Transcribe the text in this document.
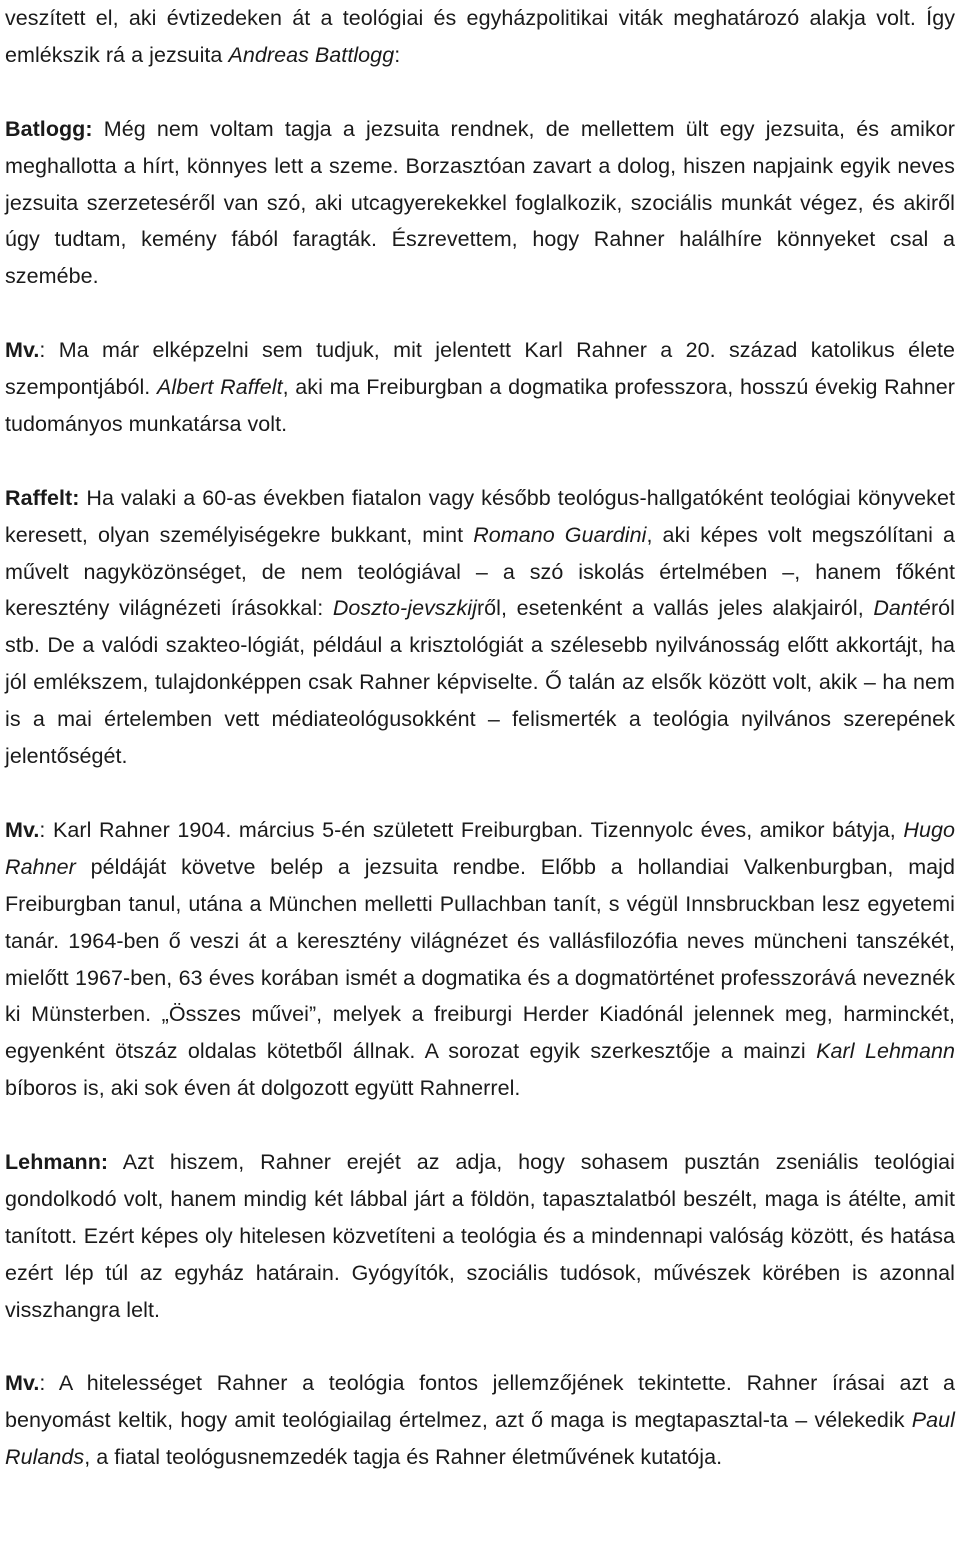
veszített el, aki évtizedeken át a teológiai és egyházpolitikai viták meghatározó alakja volt. Így emlékszik rá a jezsuita Andreas Battlogg:

Batlogg: Még nem voltam tagja a jezsuita rendnek, de mellettem ült egy jezsuita, és amikor meghallotta a hírt, könnyes lett a szeme. Borzasztóan zavart a dolog, hiszen napjaink egyik neves jezsuita szerzeteséről van szó, aki utcagyerekekkel foglalkozik, szociális munkát végez, és akiről úgy tudtam, kemény fából faragták. Észrevettem, hogy Rahner halálhíre könnyeket csal a szemébe.

Mv.: Ma már elképzelni sem tudjuk, mit jelentett Karl Rahner a 20. század katolikus élete szempontjából. Albert Raffelt, aki ma Freiburgban a dogmatika professzora, hosszú évekig Rahner tudományos munkatársa volt.

Raffelt: Ha valaki a 60-as években fiatalon vagy később teológus-hallgatóként teológiai könyveket keresett, olyan személyiségekre bukkant, mint Romano Guardini, aki képes volt megszólítani a művelt nagyközönséget, de nem teológiával – a szó iskolás értelmében –, hanem főként keresztény világnézeti írásokkal: Doszto-jevszkijről, esetenként a vallás jeles alakjairól, Dantéról stb. De a valódi szakteo-lógiát, például a krisztológiát a szélesebb nyilvánosság előtt akkortájt, ha jól emlékszem, tulajdonképpen csak Rahner képviselte. Ő talán az elsők között volt, akik – ha nem is a mai értelemben vett médiateológusokként – felismerték a teológia nyilvános szerepének jelentőségét.

Mv.: Karl Rahner 1904. március 5-én született Freiburgban. Tizennyolc éves, amikor bátyja, Hugo Rahner példáját követve belép a jezsuita rendbe. Előbb a hollandiai Valkenburgban, majd Freiburgban tanul, utána a München melletti Pullachban tanít, s végül Innsbruckban lesz egyetemi tanár. 1964-ben ő veszi át a keresztény világnézet és vallásfilozófia neves müncheni tanszékét, mielőtt 1967-ben, 63 éves korában ismét a dogmatika és a dogmatörténet professzorává neveznék ki Münsterben. „Összes művei”, melyek a freiburgi Herder Kiadónál jelennek meg, harminckét, egyenként ötszáz oldalas kötetből állnak. A sorozat egyik szerkesztője a mainzi Karl Lehmann bíboros is, aki sok éven át dolgozott együtt Rahnerrel.

Lehmann: Azt hiszem, Rahner erejét az adja, hogy sohasem pusztán zseniális teológiai gondolkodó volt, hanem mindig két lábbal járt a földön, tapasztalatból beszélt, maga is átélte, amit tanított. Ezért képes oly hitelesen közvetíteni a teológia és a mindennapi valóság között, és hatása ezért lép túl az egyház határain. Gyógyítók, szociális tudósok, művészek körében is azonnal visszhangra lelt.

Mv.: A hitelességet Rahner a teológia fontos jellemzőjének tekintette. Rahner írásai azt a benyomást keltik, hogy amit teológiailag értelmez, azt ő maga is megtapasztal-ta – vélekedik Paul Rulands, a fiatal teológusnemzedék tagja és Rahner életművének kutatója.
